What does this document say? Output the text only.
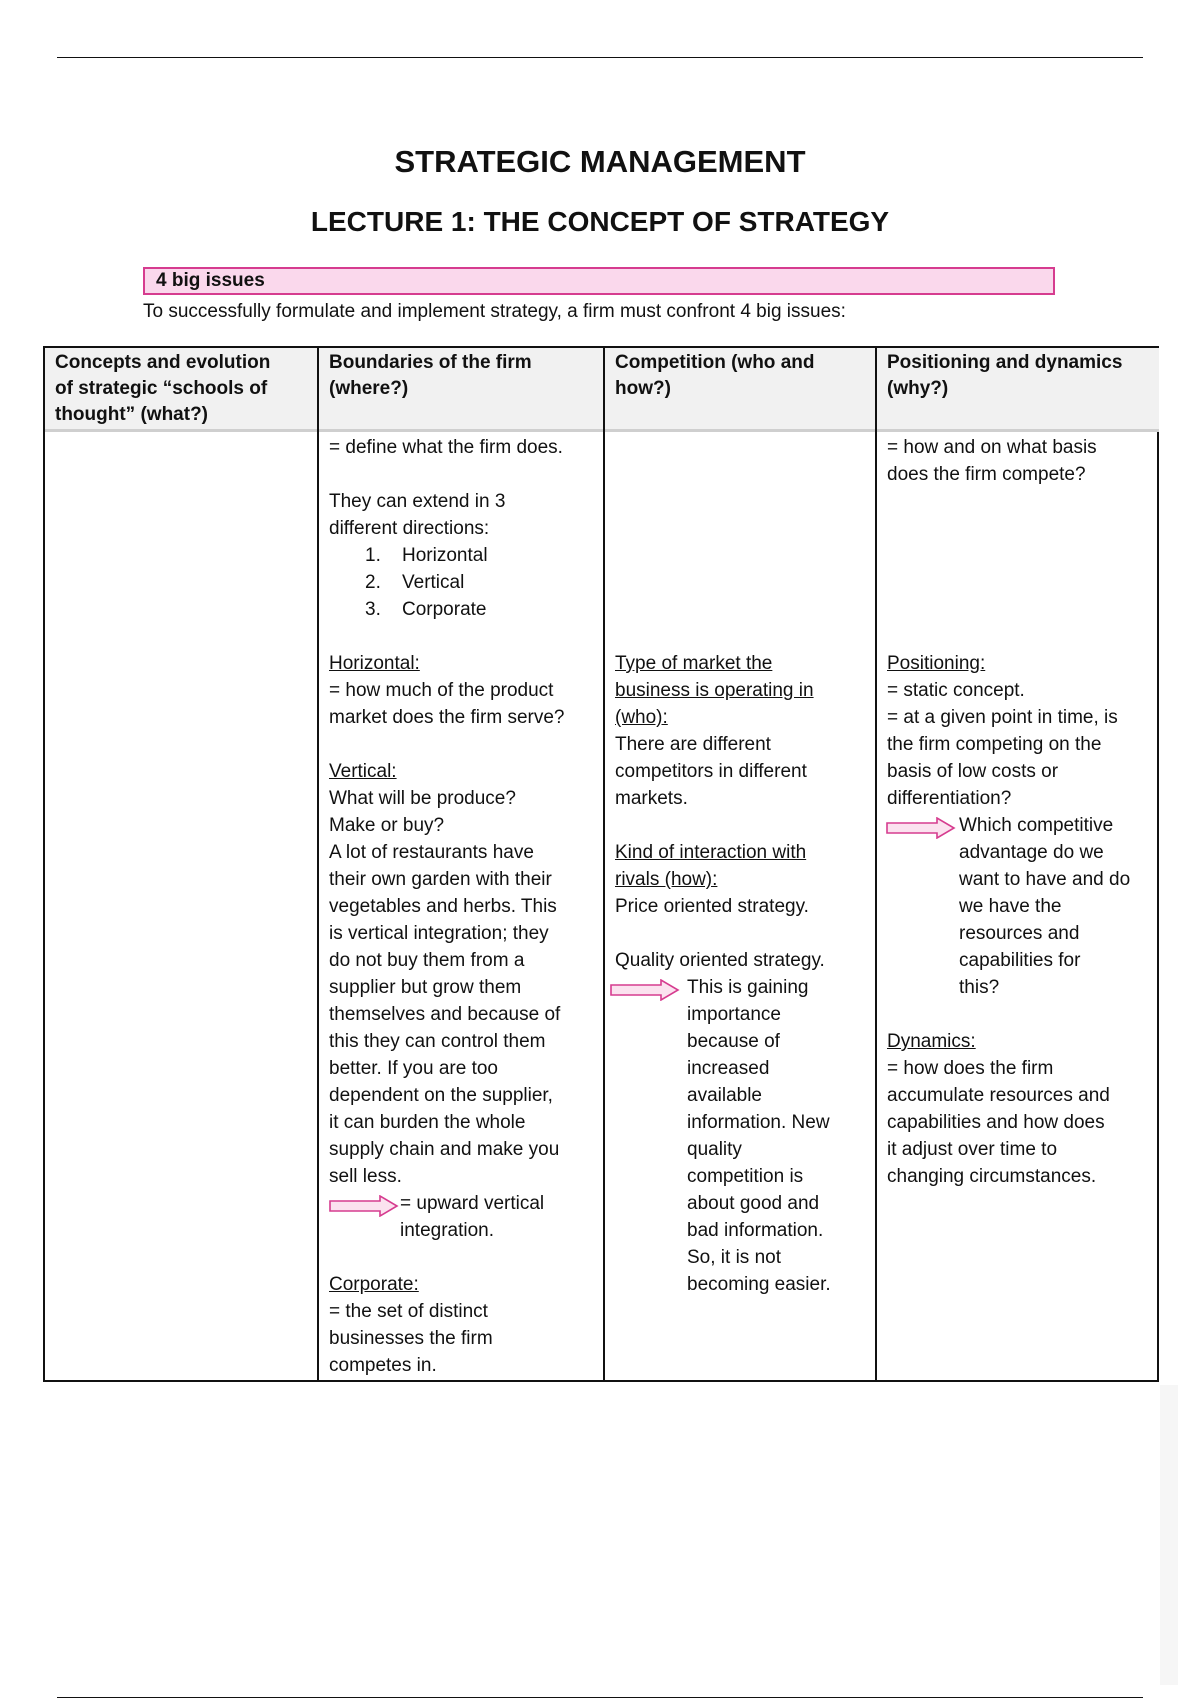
STRATEGIC MANAGEMENT
LECTURE 1: THE CONCEPT OF STRATEGY
4 big issues
To successfully formulate and implement strategy, a firm must confront 4 big issues:
Concepts and evolution
of strategic “schools of
thought” (what?)
Boundaries of the firm
(where?)
= define what the firm does.
They can extend in 3
different directions:
1. Horizontal
2. Vertical
3. Corporate
Horizontal:
= how much of the product
market does the firm serve?
Vertical:
What will be produce?
Make or buy?
A lot of restaurants have
their own garden with their
vegetables and herbs. This
is vertical integration; they
do not buy them from a
supplier but grow them
themselves and because of
this they can control them
better. If you are too
dependent on the supplier,
it can burden the whole
supply chain and make you
sell less.
= upward vertical
integration.
Corporate:
= the set of distinct
businesses the firm
competes in.
Competition (who and
how?)
Type of market the
business is operating in
(who):
There are different
competitors in different
markets.
Kind of interaction with
rivals (how):
Price oriented strategy.
Quality oriented strategy.
This is gaining
importance
because of
increased
available
information. New
quality
competition is
about good and
bad information.
So, it is not
becoming easier.
Positioning and dynamics
(why?)
= how and on what basis
does the firm compete?
Positioning:
= static concept.
= at a given point in time, is
the firm competing on the
basis of low costs or
differentiation?
Which competitive
advantage do we
want to have and do
we have the
resources and
capabilities for
this?
Dynamics:
= how does the firm
accumulate resources and
capabilities and how does
it adjust over time to
changing circumstances.
